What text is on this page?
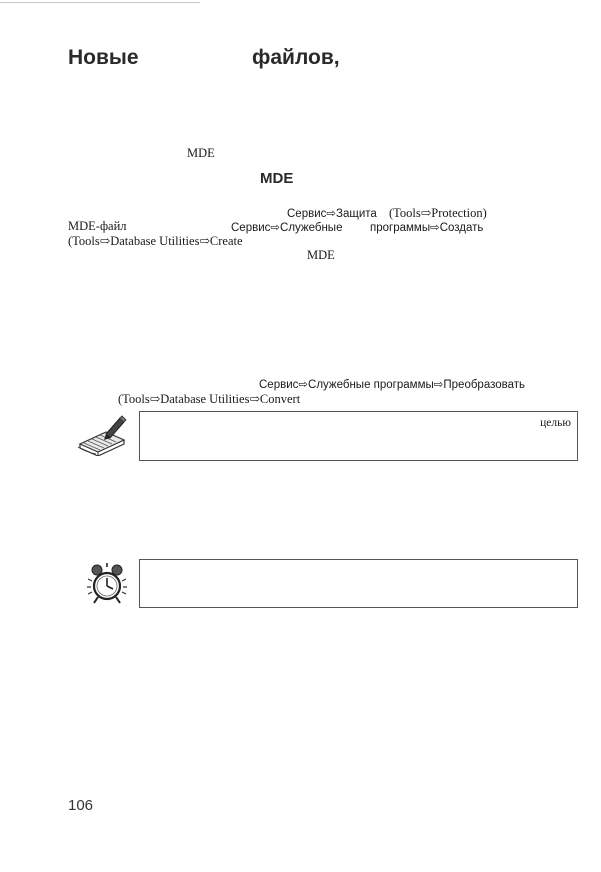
Новые	файлов,
MDE
MDE
Сервис⇨Защита (Tools⇨Protection)
MDE-файл	Сервис⇨Служебные программы⇨Создать
(Tools⇨Database Utilities⇨Create
MDE
Сервис⇨Служебные программы⇨Преобразовать
(Tools⇨Database Utilities⇨Convert
целью
106
